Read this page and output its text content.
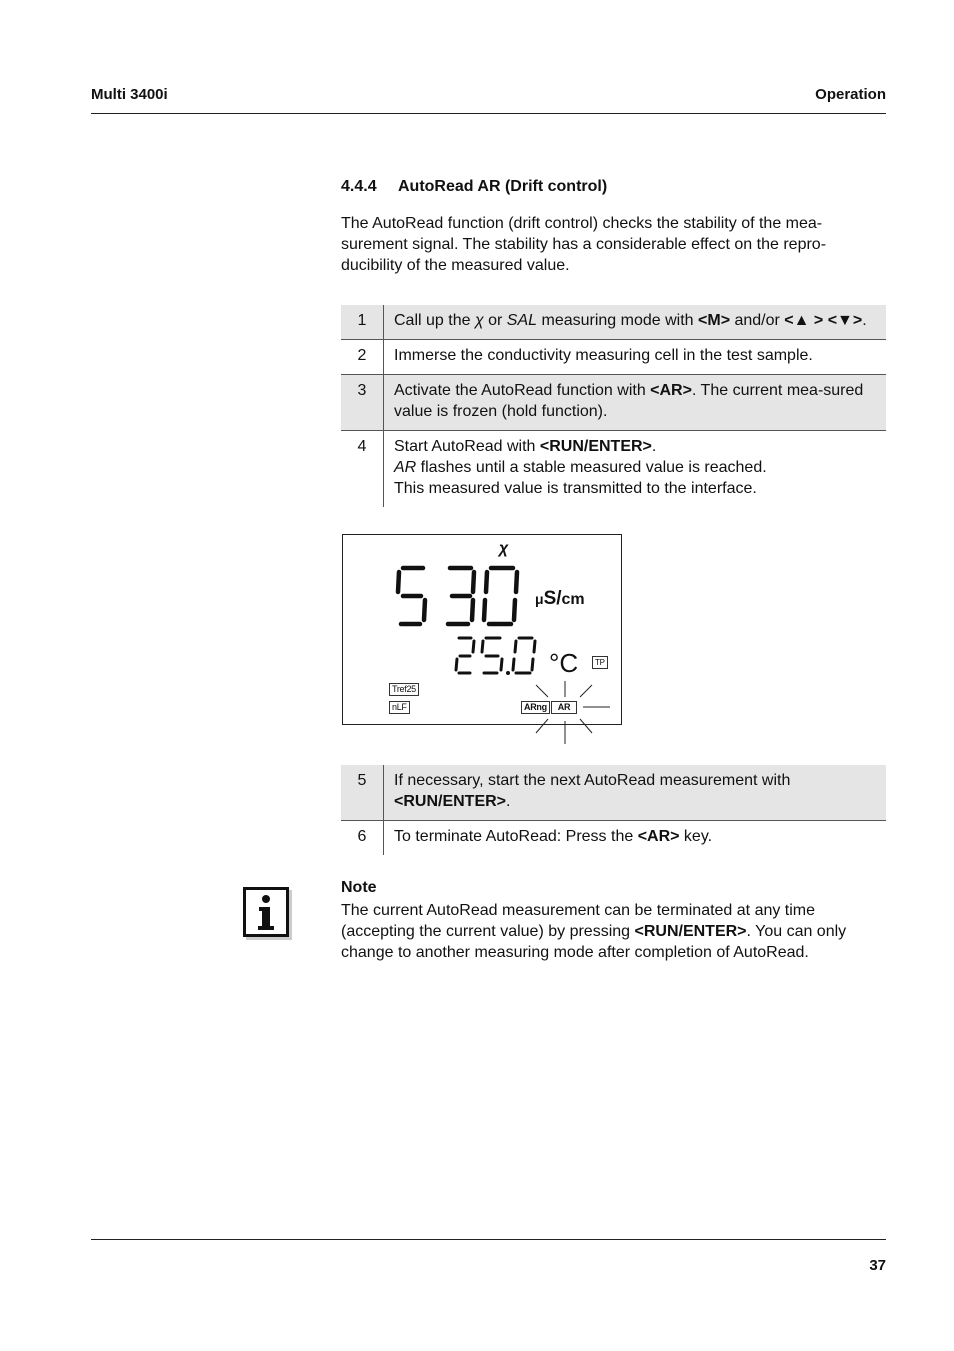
Multi 3400i	Operation
4.4.4 AutoRead AR (Drift control)

The AutoRead function (drift control) checks the stability of the mea-surement signal. The stability has a considerable effect on the repro-ducibility of the measured value.

1	Call up the χ or SAL measuring mode with <M> and/or <▲ > <▼>.
2	Immerse the conductivity measuring cell in the test sample.
3	Activate the AutoRead function with <AR>. The current mea-sured value is frozen (hold function).
4	Start AutoRead with <RUN/ENTER>.
AR flashes until a stable measured value is reached.
This measured value is transmitted to the interface.
χ
μS/cm
°C	TP
Tref25
nLF	ARng	AR
5	If necessary, start the next AutoRead measurement with <RUN/ENTER>.
6	To terminate AutoRead: Press the <AR> key.
Note

The current AutoRead measurement can be terminated at any time (accepting the current value) by pressing <RUN/ENTER>. You can only change to another measuring mode after completion of AutoRead.

37
